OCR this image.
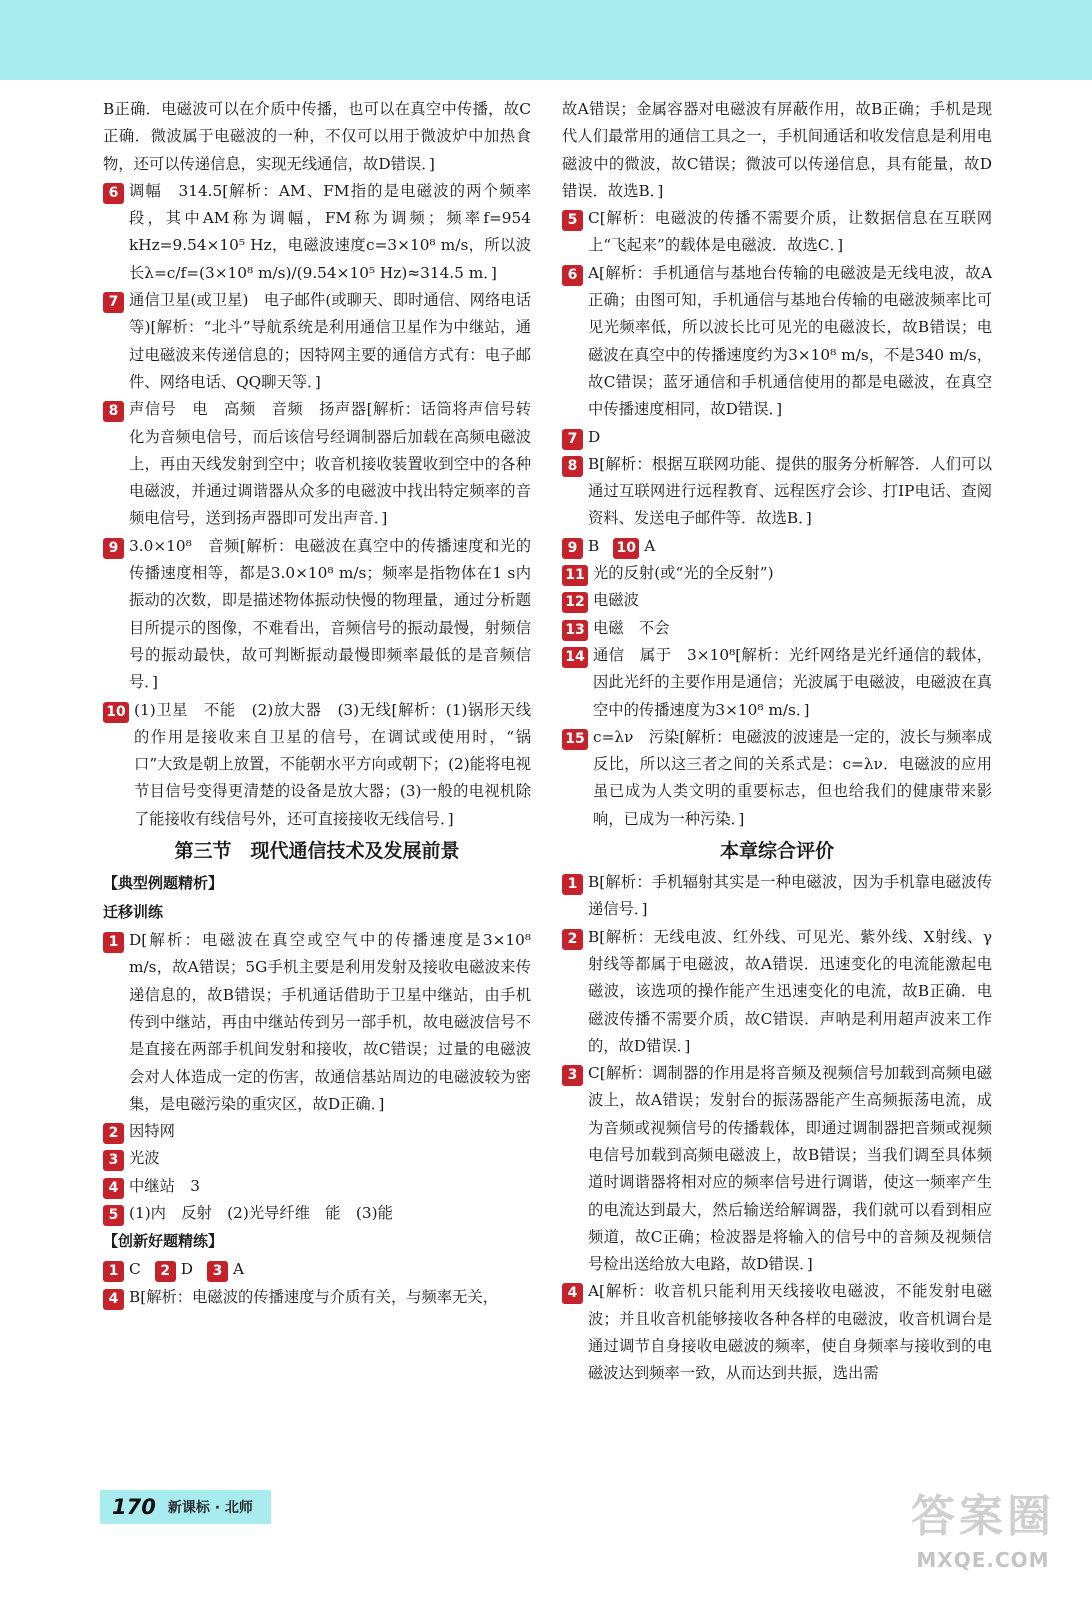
B正确．电磁波可以在介质中传播，也可以在真空中传播，故C正确．微波属于电磁波的一种，不仅可以用于微波炉中加热食物，还可以传递信息，实现无线通信，故D错误．]
6 调幅　314.5[解析：AM、FM指的是电磁波的两个频率段，其中AM称为调幅，FM称为调频；频率f=954 kHz=9.54×10⁵ Hz，电磁波速度c=3×10⁸ m/s，所以波长λ=c/f=(3×10⁸ m/s)/(9.54×10⁵ Hz)≈314.5 m．]
7 通信卫星(或卫星)　电子邮件(或聊天、即时通信、网络电话等)[解析：“北斗”导航系统是利用通信卫星作为中继站，通过电磁波来传递信息的；因特网主要的通信方式有：电子邮件、网络电话、QQ聊天等．]
8 声信号　电　高频　音频　扬声器[解析：话筒将声信号转化为音频电信号，而后该信号经调制器后加载在高频电磁波上，再由天线发射到空中；收音机接收装置收到空中的各种电磁波，并通过调谐器从众多的电磁波中找出特定频率的音频电信号，送到扬声器即可发出声音．]
9 3.0×10⁸　音频[解析：电磁波在真空中的传播速度和光的传播速度相等，都是3.0×10⁸ m/s；频率是指物体在1 s内振动的次数，即是描述物体振动快慢的物理量，通过分析题目所提示的图像，不难看出，音频信号的振动最慢，射频信号的振动最快，故可判断振动最慢即频率最低的是音频信号．]
10 (1)卫星　不能　(2)放大器　(3)无线[解析：(1)锅形天线的作用是接收来自卫星的信号，在调试或使用时，“锅口”大致是朝上放置，不能朝水平方向或朝下；(2)能将电视节目信号变得更清楚的设备是放大器；(3)一般的电视机除了能接收有线信号外，还可直接接收无线信号．]
第三节　现代通信技术及发展前景
【典型例题精析】
迁移训练
1 D[解析：电磁波在真空或空气中的传播速度是3×10⁸ m/s，故A错误；5G手机主要是利用发射及接收电磁波来传递信息的，故B错误；手机通话借助于卫星中继站，由手机传到中继站，再由中继站传到另一部手机，故电磁波信号不是直接在两部手机间发射和接收，故C错误；过量的电磁波会对人体造成一定的伤害，故通信基站周边的电磁波较为密集，是电磁污染的重灾区，故D正确．]
2 因特网
3 光波
4 中继站　3
5 (1)内　反射　(2)光导纤维　能　(3)能
【创新好题精练】
1 C	2 D	3 A
4 B[解析：电磁波的传播速度与介质有关，与频率无关，
故A错误；金属容器对电磁波有屏蔽作用，故B正确；手机是现代人们最常用的通信工具之一，手机间通话和收发信息是利用电磁波中的微波，故C错误；微波可以传递信息，具有能量，故D错误．故选B．]
5 C[解析：电磁波的传播不需要介质，让数据信息在互联网上“飞起来”的载体是电磁波．故选C．]
6 A[解析：手机通信与基地台传输的电磁波是无线电波，故A正确；由图可知，手机通信与基地台传输的电磁波频率比可见光频率低，所以波长比可见光的电磁波长，故B错误；电磁波在真空中的传播速度约为3×10⁸ m/s，不是340 m/s，故C错误；蓝牙通信和手机通信使用的都是电磁波，在真空中传播速度相同，故D错误．]
7 D
8 B[解析：根据互联网功能、提供的服务分析解答．人们可以通过互联网进行远程教育、远程医疗会诊、打IP电话、查阅资料、发送电子邮件等．故选B．]
9 B 10 A
11 光的反射(或“光的全反射”)
12 电磁波
13 电磁　不会
14 通信　属于　3×10⁸[解析：光纤网络是光纤通信的载体，因此光纤的主要作用是通信；光波属于电磁波，电磁波在真空中的传播速度为3×10⁸ m/s．]
15 c=λν　污染[解析：电磁波的波速是一定的，波长与频率成反比，所以这三者之间的关系式是：c=λν．电磁波的应用虽已成为人类文明的重要标志，但也给我们的健康带来影响，已成为一种污染．]
本章综合评价
1 B[解析：手机辐射其实是一种电磁波，因为手机靠电磁波传递信号．]
2 B[解析：无线电波、红外线、可见光、紫外线、X射线、γ射线等都属于电磁波，故A错误．迅速变化的电流能激起电磁波，该选项的操作能产生迅速变化的电流，故B正确．电磁波传播不需要介质，故C错误．声呐是利用超声波来工作的，故D错误．]
3 C[解析：调制器的作用是将音频及视频信号加载到高频电磁波上，故A错误；发射台的振荡器能产生高频振荡电流，成为音频或视频信号的传播载体，即通过调制器把音频或视频电信号加载到高频电磁波上，故B错误；当我们调至具体频道时调谐器将相对应的频率信号进行调谐，使这一频率产生的电流达到最大，然后输送给解调器，我们就可以看到相应频道，故C正确；检波器是将输入的信号中的音频及视频信号检出送给放大电路，故D错误．]
4 A[解析：收音机只能利用天线接收电磁波，不能发射电磁波；并且收音机能够接收各种各样的电磁波，收音机调台是通过调节自身接收电磁波的频率，使自身频率与接收到的电磁波达到频率一致，从而达到共振，选出需
170 新课标 · 北师	答案圈
MXQE.COM
